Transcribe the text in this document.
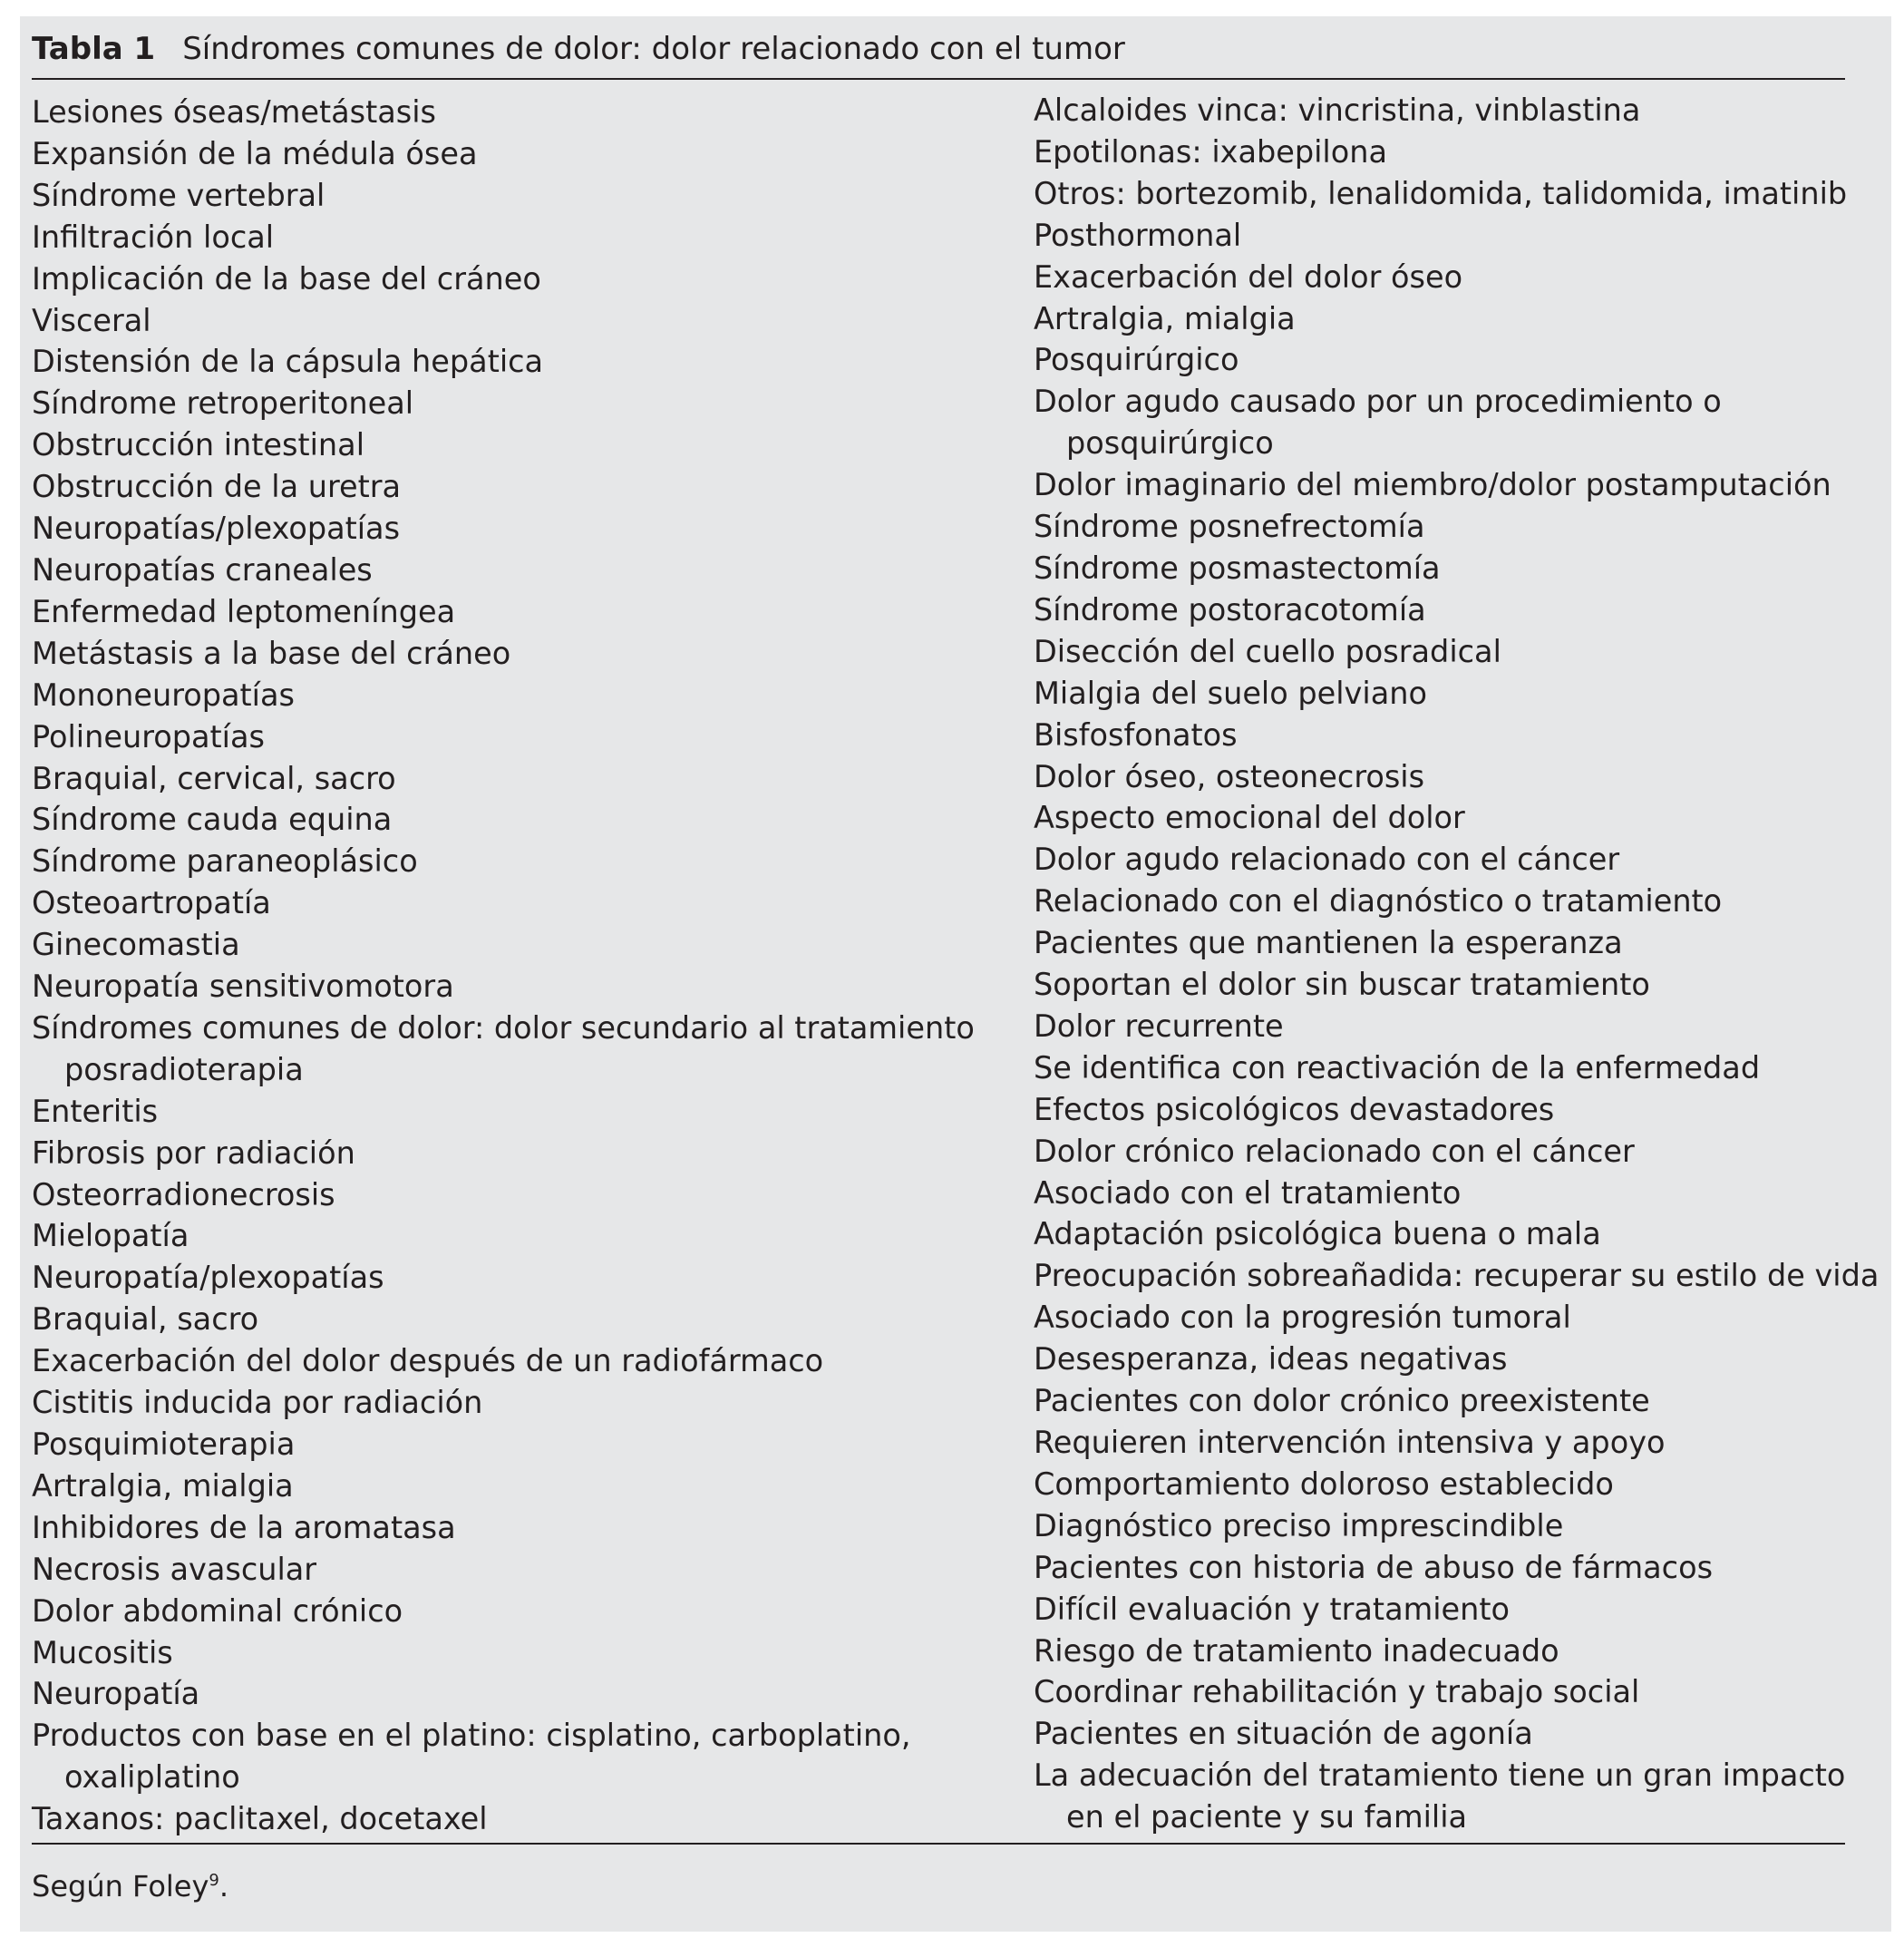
Tabla 1 Síndromes comunes de dolor: dolor relacionado con el tumor
Lesiones óseas/metástasis
Expansión de la médula ósea
Síndrome vertebral
Infiltración local
Implicación de la base del cráneo
Visceral
Distensión de la cápsula hepática
Síndrome retroperitoneal
Obstrucción intestinal
Obstrucción de la uretra
Neuropatías/plexopatías
Neuropatías craneales
Enfermedad leptomeníngea
Metástasis a la base del cráneo
Mononeuropatías
Polineuropatías
Braquial, cervical, sacro
Síndrome cauda equina
Síndrome paraneoplásico
Osteoartropatía
Ginecomastia
Neuropatía sensitivomotora
Síndromes comunes de dolor: dolor secundario al tratamiento
posradioterapia
Enteritis
Fibrosis por radiación
Osteorradionecrosis
Mielopatía
Neuropatía/plexopatías
Braquial, sacro
Exacerbación del dolor después de un radiofármaco
Cistitis inducida por radiación
Posquimioterapia
Artralgia, mialgia
Inhibidores de la aromatasa
Necrosis avascular
Dolor abdominal crónico
Mucositis
Neuropatía
Productos con base en el platino: cisplatino, carboplatino,
oxaliplatino
Taxanos: paclitaxel, docetaxel
Alcaloides vinca: vincristina, vinblastina
Epotilonas: ixabepilona
Otros: bortezomib, lenalidomida, talidomida, imatinib
Posthormonal
Exacerbación del dolor óseo
Artralgia, mialgia
Posquirúrgico
Dolor agudo causado por un procedimiento o
posquirúrgico
Dolor imaginario del miembro/dolor postamputación
Síndrome posnefrectomía
Síndrome posmastectomía
Síndrome postoracotomía
Disección del cuello posradical
Mialgia del suelo pelviano
Bisfosfonatos
Dolor óseo, osteonecrosis
Aspecto emocional del dolor
Dolor agudo relacionado con el cáncer
Relacionado con el diagnóstico o tratamiento
Pacientes que mantienen la esperanza
Soportan el dolor sin buscar tratamiento
Dolor recurrente
Se identifica con reactivación de la enfermedad
Efectos psicológicos devastadores
Dolor crónico relacionado con el cáncer
Asociado con el tratamiento
Adaptación psicológica buena o mala
Preocupación sobreañadida: recuperar su estilo de vida
Asociado con la progresión tumoral
Desesperanza, ideas negativas
Pacientes con dolor crónico preexistente
Requieren intervención intensiva y apoyo
Comportamiento doloroso establecido
Diagnóstico preciso imprescindible
Pacientes con historia de abuso de fármacos
Difícil evaluación y tratamiento
Riesgo de tratamiento inadecuado
Coordinar rehabilitación y trabajo social
Pacientes en situación de agonía
La adecuación del tratamiento tiene un gran impacto
en el paciente y su familia
Según Foley$^9$.
